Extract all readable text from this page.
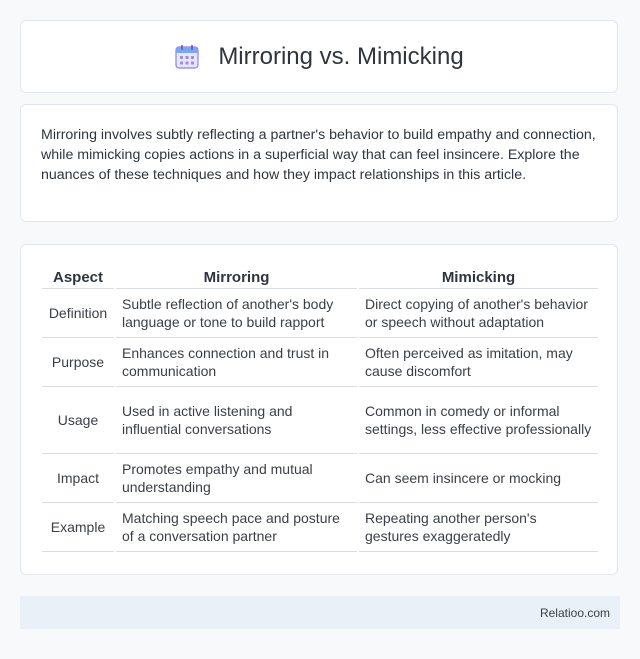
Mirroring vs. Mimicking

Mirroring involves subtly reflecting a partner's behavior to build empathy and connection, while mimicking copies actions in a superficial way that can feel insincere. Explore the nuances of these techniques and how they impact relationships in this article.

Aspect		Mirroring		Mimicking
Definition		Subtle reflection of another's body language or tone to build rapport		Direct copying of another's behavior or speech without adaptation
Purpose		Enhances connection and trust in communication		Often perceived as imitation, may cause discomfort
Usage		Used in active listening and influential conversations		Common in comedy or informal settings, less effective professionally
Impact		Promotes empathy and mutual understanding		Can seem insincere or mocking
Example		Matching speech pace and posture of a conversation partner		Repeating another person's gestures exaggeratedly
Relatioo.com
